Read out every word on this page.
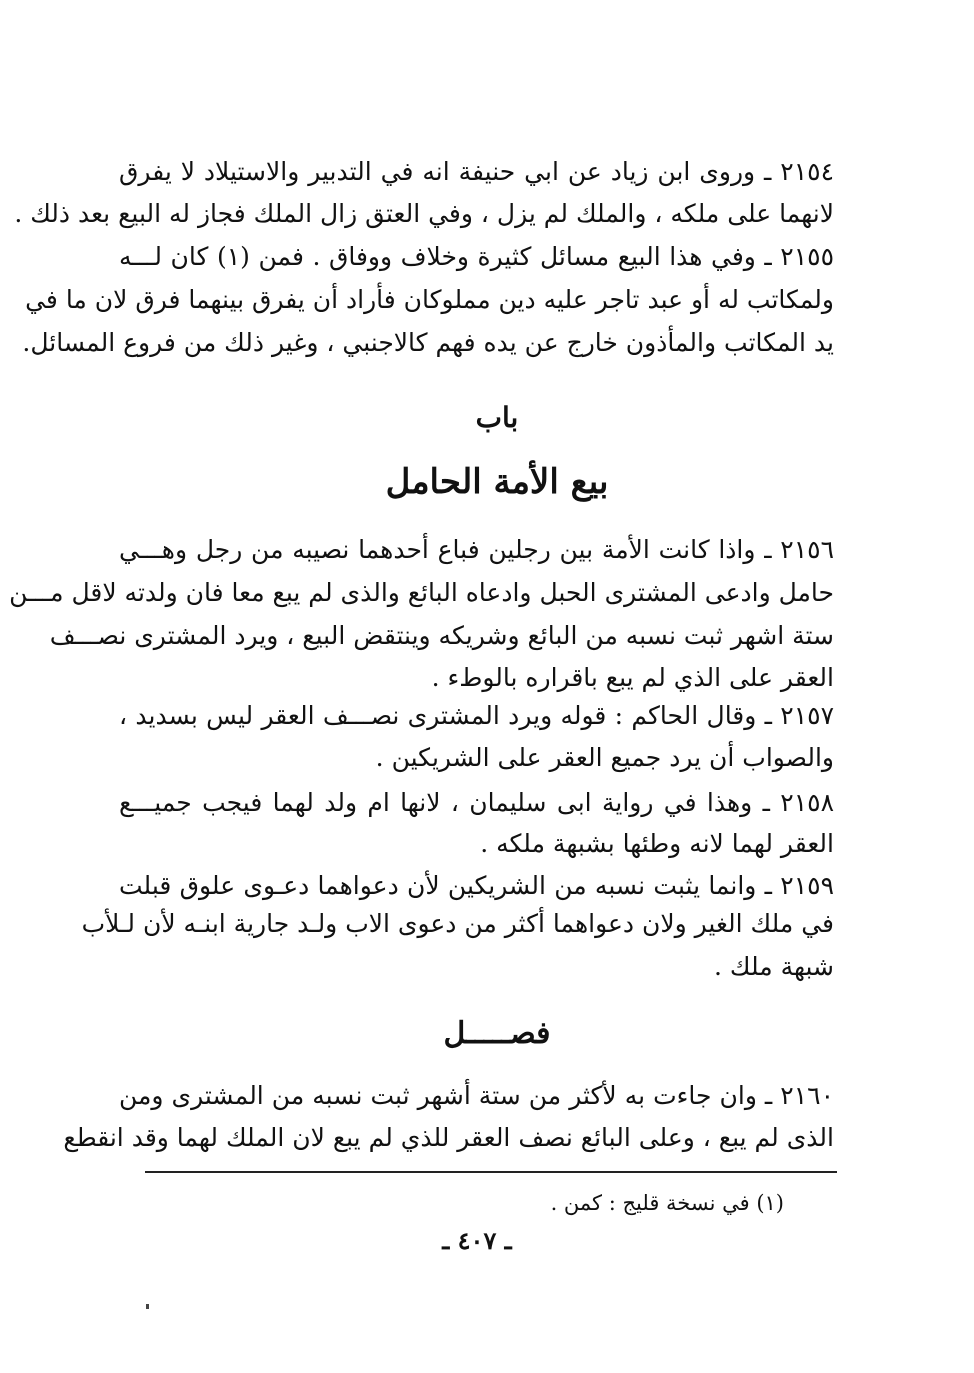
٢١٥٤ ـ وروى ابن زياد عن ابي حنيفة انه في التدبير والاستيلاد لا يفرق
لانهما على ملكه ، والملك لم يزل ، وفي العتق زال الملك فجاز له البيع بعد ذلك .
٢١٥٥ ـ وفي هذا البيع مسائل كثيرة وخلاف ووفاق . فمن (١) كان لـــه
ولمكاتب له أو عبد تاجر عليه دين مملوكان فأراد أن يفرق بينهما فرق لان ما في
يد المكاتب والمأذون خارج عن يده فهم كالاجنبي ، وغير ذلك من فروع المسائل.
باب
بيع الأمة الحامل
٢١٥٦ ـ واذا كانت الأمة بين رجلين فباع أحدهما نصيبه من رجل وهـــي
حامل وادعى المشترى الحبل وادعاه البائع والذى لم يبع معا فان ولدته لاقل مـــن
ستة اشهر ثبت نسبه من البائع وشريكه وينتقض البيع ، ويرد المشترى نصـــف
العقر على الذي لم يبع باقراره بالوطء .
٢١٥٧ ـ وقال الحاكم : قوله ويرد المشترى نصـــف العقر ليس بسديد ،
والصواب أن يرد جميع العقر على الشريكين .
٢١٥٨ ـ وهذا في رواية ابى سليمان ، لانها ام ولد لهما فيجب جميـــع
العقر لهما لانه وطئها بشبهة ملكه .
٢١٥٩ ـ وانما يثبت نسبه من الشريكين لأن دعواهما دعـوى علوق قبلت
في ملك الغير ولان دعواهما أكثر من دعوى الاب ولـد جارية ابنـه لأن لـلأب
شبهة ملك .
فصـــــل
٢١٦٠ ـ وان جاءت به لأكثر من ستة أشهر ثبت نسبه من المشترى ومن
الذى لم يبع ، وعلى البائع نصف العقر للذي لم يبع لان الملك لهما وقد انقطع
(١) في نسخة قليج : كمن .
ـ ٤٠٧ ـ
